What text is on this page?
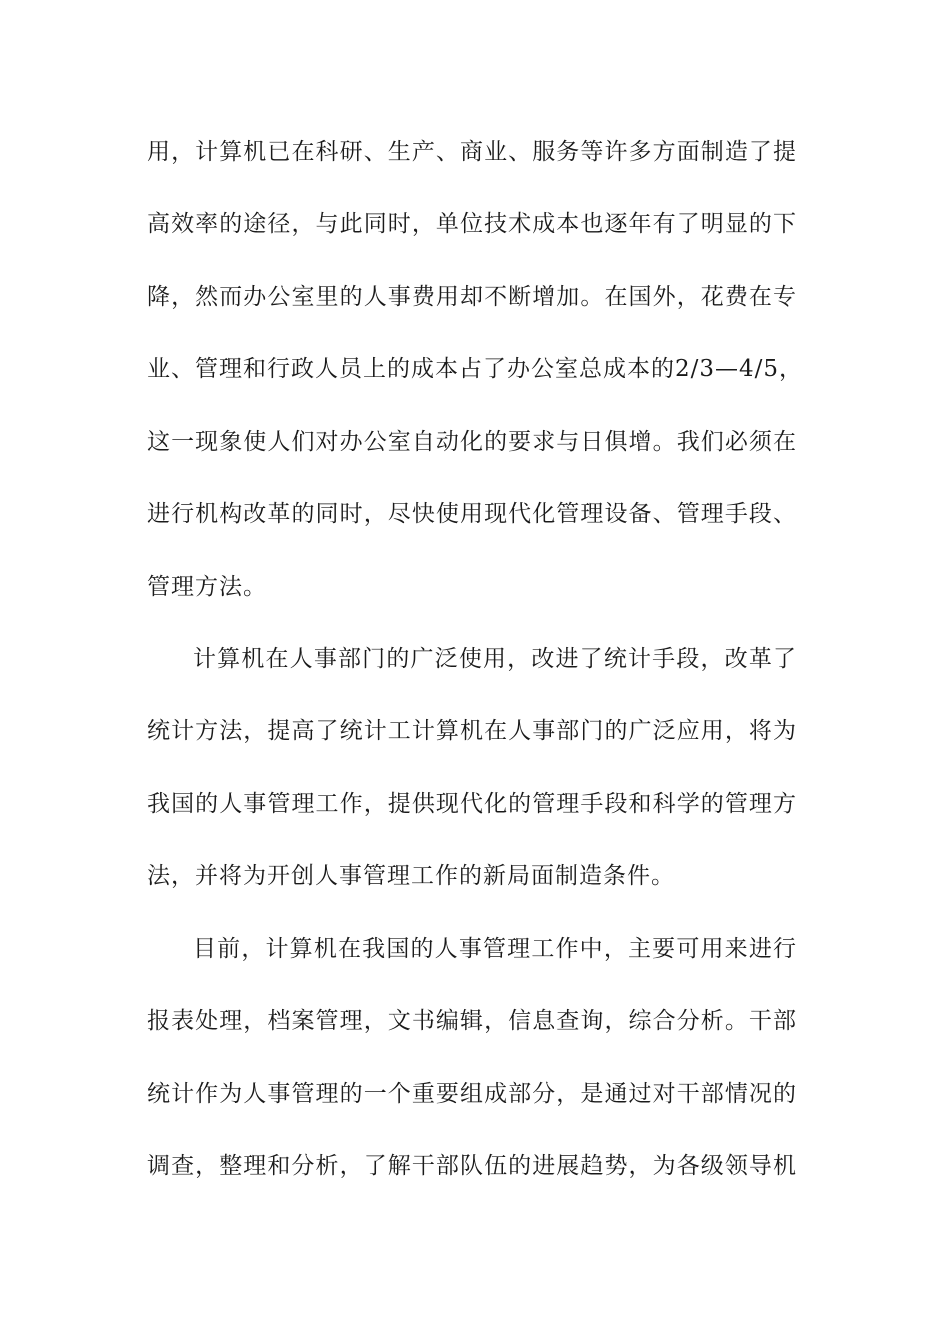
用，计算机已在科研、生产、商业、服务等许多方面制造了提
高效率的途径，与此同时，单位技术成本也逐年有了明显的下
降，然而办公室里的人事费用却不断增加。在国外，花费在专
业、管理和行政人员上的成本占了办公室总成本的2/3—4/5，
这一现象使人们对办公室自动化的要求与日俱增。我们必须在
进行机构改革的同时，尽快使用现代化管理设备、管理手段、
管理方法。
计算机在人事部门的广泛使用，改进了统计手段，改革了
统计方法，提高了统计工计算机在人事部门的广泛应用，将为
我国的人事管理工作，提供现代化的管理手段和科学的管理方
法，并将为开创人事管理工作的新局面制造条件。
目前，计算机在我国的人事管理工作中，主要可用来进行
报表处理，档案管理，文书编辑，信息查询，综合分析。干部
统计作为人事管理的一个重要组成部分，是通过对干部情况的
调查，整理和分析，了解干部队伍的进展趋势，为各级领导机
